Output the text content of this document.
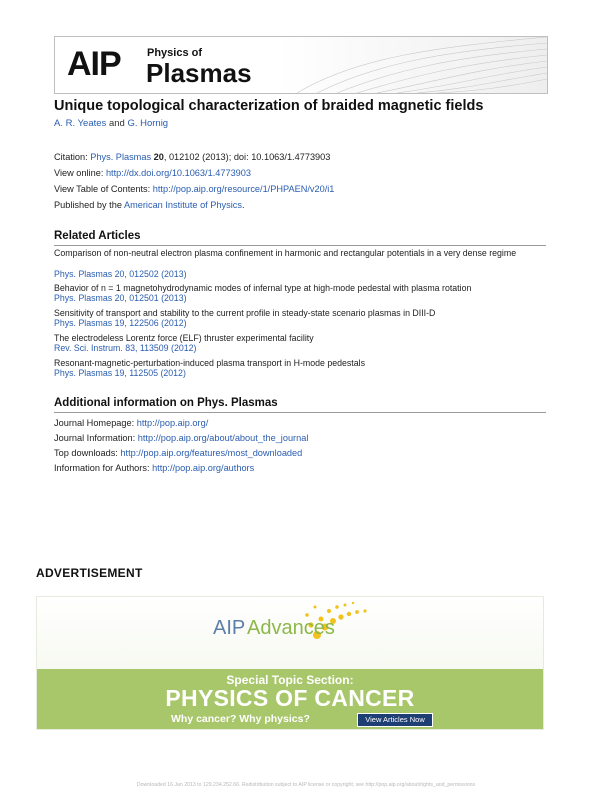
AIP Physics of
Plasmas
Unique topological characterization of braided magnetic fields
A. R. Yeates and G. Hornig
Citation: Phys. Plasmas 20, 012102 (2013); doi: 10.1063/1.4773903
View online: http://dx.doi.org/10.1063/1.4773903
View Table of Contents: http://pop.aip.org/resource/1/PHPAEN/v20/i1
Published by the American Institute of Physics.
Related Articles
Comparison of non-neutral electron plasma confinement in harmonic and rectangular potentials in a very dense regime
Phys. Plasmas 20, 012502 (2013)
Behavior of n = 1 magnetohydrodynamic modes of infernal type at high-mode pedestal with plasma rotation
Phys. Plasmas 20, 012501 (2013)
Sensitivity of transport and stability to the current profile in steady-state scenario plasmas in DIII-D
Phys. Plasmas 19, 122506 (2012)
The electrodeless Lorentz force (ELF) thruster experimental facility
Rev. Sci. Instrum. 83, 113509 (2012)
Resonant-magnetic-perturbation-induced plasma transport in H-mode pedestals
Phys. Plasmas 19, 112505 (2012)
Additional information on Phys. Plasmas
Journal Homepage: http://pop.aip.org/
Journal Information: http://pop.aip.org/about/about_the_journal
Top downloads: http://pop.aip.org/features/most_downloaded
Information for Authors: http://pop.aip.org/authors
ADVERTISEMENT
AIP Advances
Special Topic Section:
PHYSICS OF CANCER
Why cancer? Why physics?	View Articles Now
Downloaded 16 Jan 2013 to 129.234.252.66. Redistribution subject to AIP license or copyright; see http://pop.aip.org/about/rights_and_permissions
